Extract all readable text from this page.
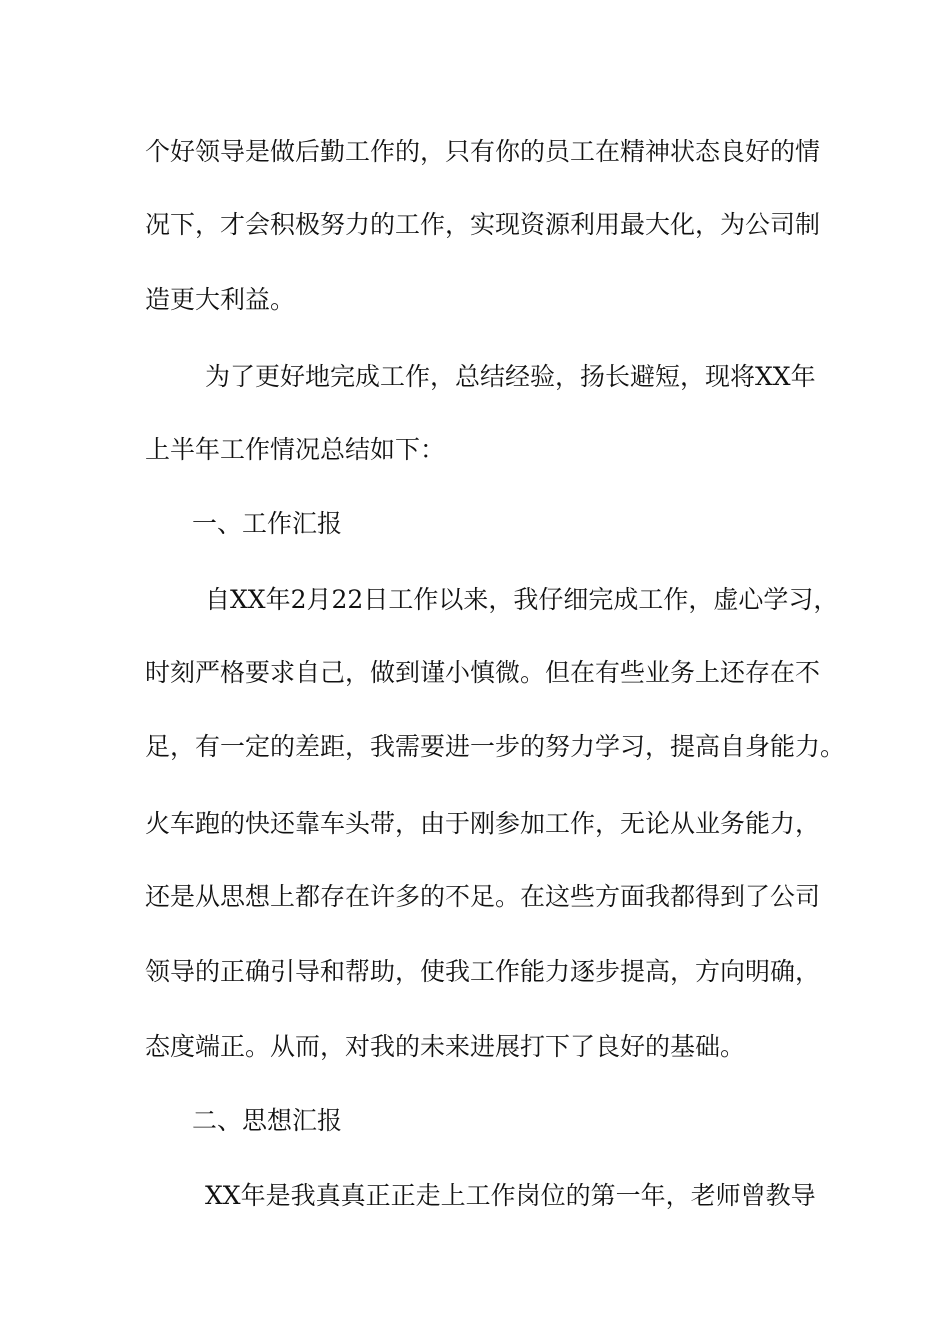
个好领导是做后勤工作的，只有你的员工在精神状态良好的情
况下，才会积极努力的工作，实现资源利用最大化，为公司制
造更大利益。
为了更好地完成工作，总结经验，扬长避短，现将XX年
上半年工作情况总结如下：
一、工作汇报
自XX年2月22日工作以来，我仔细完成工作，虚心学习，
时刻严格要求自己，做到谨小慎微。但在有些业务上还存在不
足，有一定的差距，我需要进一步的努力学习，提高自身能力。
火车跑的快还靠车头带，由于刚参加工作，无论从业务能力，
还是从思想上都存在许多的不足。在这些方面我都得到了公司
领导的正确引导和帮助，使我工作能力逐步提高，方向明确，
态度端正。从而，对我的未来进展打下了良好的基础。
二、思想汇报
XX年是我真真正正走上工作岗位的第一年，老师曾教导
